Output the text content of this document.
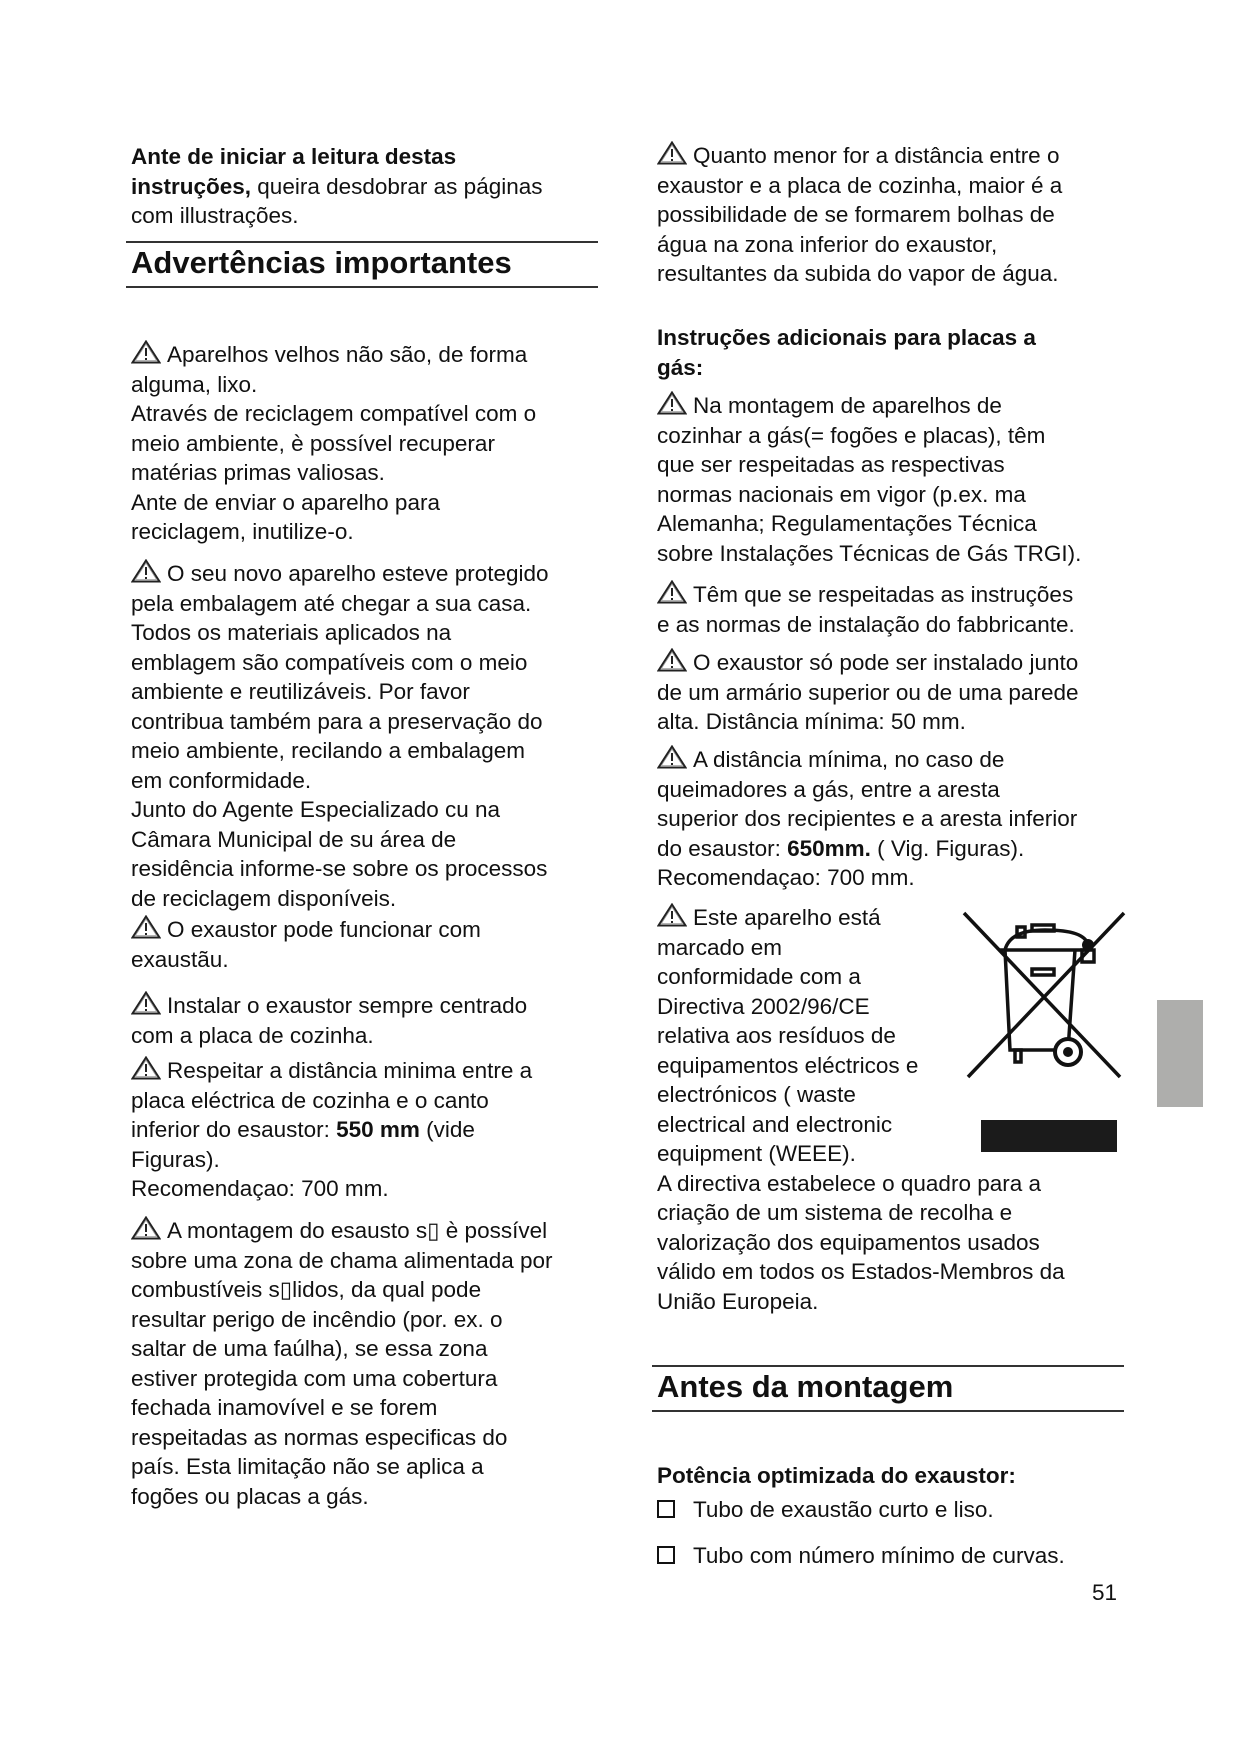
Ante de iniciar a leitura destas
instruções, queira desdobrar as páginas
com illustrações.
Advertências importantes
Aparelhos velhos não são, de forma
alguma, lixo.
Através de reciclagem compatível com o
meio ambiente, è possível recuperar
matérias primas valiosas.
Ante de enviar o aparelho para
reciclagem, inutilize-o.
O seu novo aparelho esteve protegido
pela embalagem até chegar a sua casa.
Todos os materiais aplicados na
emblagem são compatíveis com o meio
ambiente e reutilizáveis. Por favor
contribua também para a preservação do
meio ambiente, recilando a embalagem
em conformidade.
Junto do Agente Especializado cu na
Câmara Municipal de su área de
residência informe-se sobre os processos
de reciclagem disponíveis.
O exaustor pode funcionar com
exaustãu.
Instalar o exaustor sempre centrado
com a placa de cozinha.
Respeitar a distância minima entre a
placa eléctrica de cozinha e o canto
inferior do esaustor: 550 mm (vide
Figuras).
Recomendaçao: 700 mm.
A montagem do esausto s▯ è possível
sobre uma zona de chama alimentada por
combustíveis s▯lidos, da qual pode
resultar perigo de incêndio (por. ex. o
saltar de uma faúlha), se essa zona
estiver protegida com uma cobertura
fechada inamovível e se forem
respeitadas as normas especificas do
país. Esta limitação não se aplica a
fogões ou placas a gás.
Quanto menor for a distância entre o
exaustor e a placa de cozinha, maior é a
possibilidade de se formarem bolhas de
água na zona inferior do exaustor,
resultantes da subida do vapor de água.
Instruções adicionais para placas a
gás:
Na montagem de aparelhos de
cozinhar a gás(= fogões e placas), têm
que ser respeitadas as respectivas
normas nacionais em vigor (p.ex. ma
Alemanha; Regulamentações Técnica
sobre Instalações Técnicas de Gás TRGI).
Têm que se respeitadas as instruções
e as normas de instalação do fabbricante.
O exaustor só pode ser instalado junto
de um armário superior ou de uma parede
alta. Distância mínima: 50 mm.
A distância mínima, no caso de
queimadores a gás, entre a aresta
superior dos recipientes e a aresta inferior
do esaustor: 650mm. ( Vig. Figuras).
Recomendaçao: 700 mm.
Este aparelho está
marcado em
conformidade com a
Directiva 2002/96/CE
relativa aos resíduos de
equipamentos eléctricos e
electrónicos ( waste
electrical and electronic
equipment (WEEE).
A directiva estabelece o quadro para a
criação de um sistema de recolha e
valorização dos equipamentos usados
válido em todos os Estados-Membros da
União Europeia.
Antes da montagem
Potência optimizada do exaustor:
Tubo de exaustão curto e liso.
Tubo com número mínimo de curvas.
51
